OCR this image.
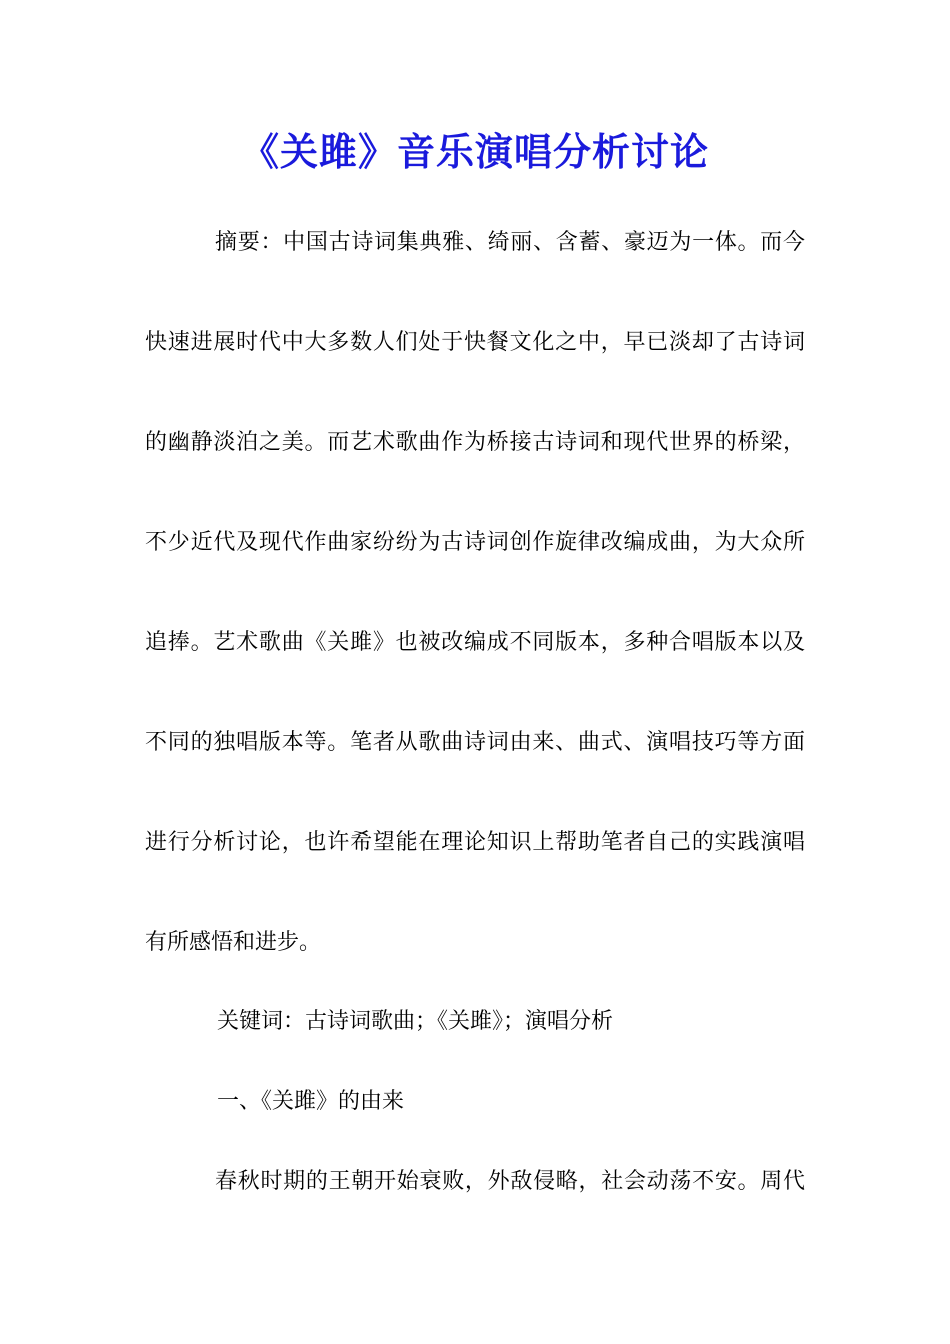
《关雎》音乐演唱分析讨论
摘要：中国古诗词集典雅、绮丽、含蓄、豪迈为一体。而今
快速进展时代中大多数人们处于快餐文化之中，早已淡却了古诗词
的幽静淡泊之美。而艺术歌曲作为桥接古诗词和现代世界的桥梁，
不少近代及现代作曲家纷纷为古诗词创作旋律改编成曲，为大众所
追捧。艺术歌曲《关雎》也被改编成不同版本，多种合唱版本以及
不同的独唱版本等。笔者从歌曲诗词由来、曲式、演唱技巧等方面
进行分析讨论，也许希望能在理论知识上帮助笔者自己的实践演唱
有所感悟和进步。
关键词：古诗词歌曲；《关雎》；演唱分析
一、《关雎》的由来
春秋时期的王朝开始衰败，外敌侵略，社会动荡不安。周代
